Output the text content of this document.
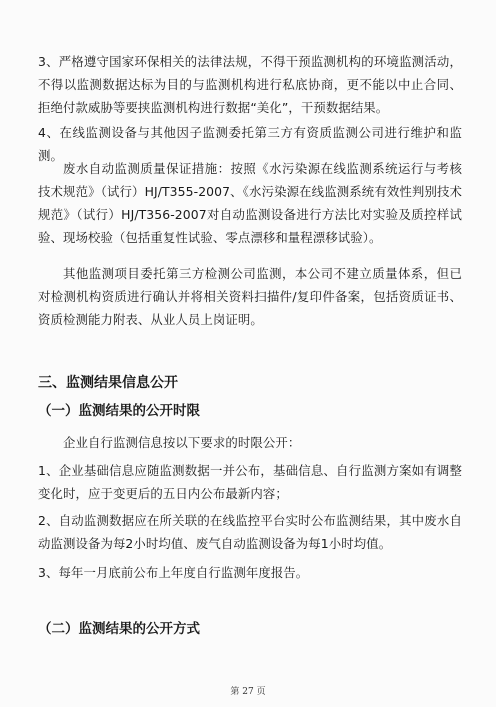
3、严格遵守国家环保相关的法律法规，不得干预监测机构的环境监测活动，不得以监测数据达标为目的与监测机构进行私底协商，更不能以中止合同、拒绝付款威胁等要挟监测机构进行数据“美化”，干预数据结果。

4、在线监测设备与其他因子监测委托第三方有资质监测公司进行维护和监测。

废水自动监测质量保证措施：按照《水污染源在线监测系统运行与考核技术规范》（试行）HJ/T355-2007、《水污染源在线监测系统有效性判别技术规范》（试行）HJ/T356-2007对自动监测设备进行方法比对实验及质控样试验、现场校验（包括重复性试验、零点漂移和量程漂移试验）。

其他监测项目委托第三方检测公司监测，本公司不建立质量体系，但已对检测机构资质进行确认并将相关资料扫描件/复印件备案，包括资质证书、资质检测能力附表、从业人员上岗证明。

三、监测结果信息公开
（一）监测结果的公开时限

企业自行监测信息按以下要求的时限公开：

1、企业基础信息应随监测数据一并公布，基础信息、自行监测方案如有调整变化时，应于变更后的五日内公布最新内容；

2、自动监测数据应在所关联的在线监控平台实时公布监测结果，其中废水自动监测设备为每2小时均值、废气自动监测设备为每1小时均值。

3、每年一月底前公布上年度自行监测年度报告。

（二）监测结果的公开方式
第 27 页
